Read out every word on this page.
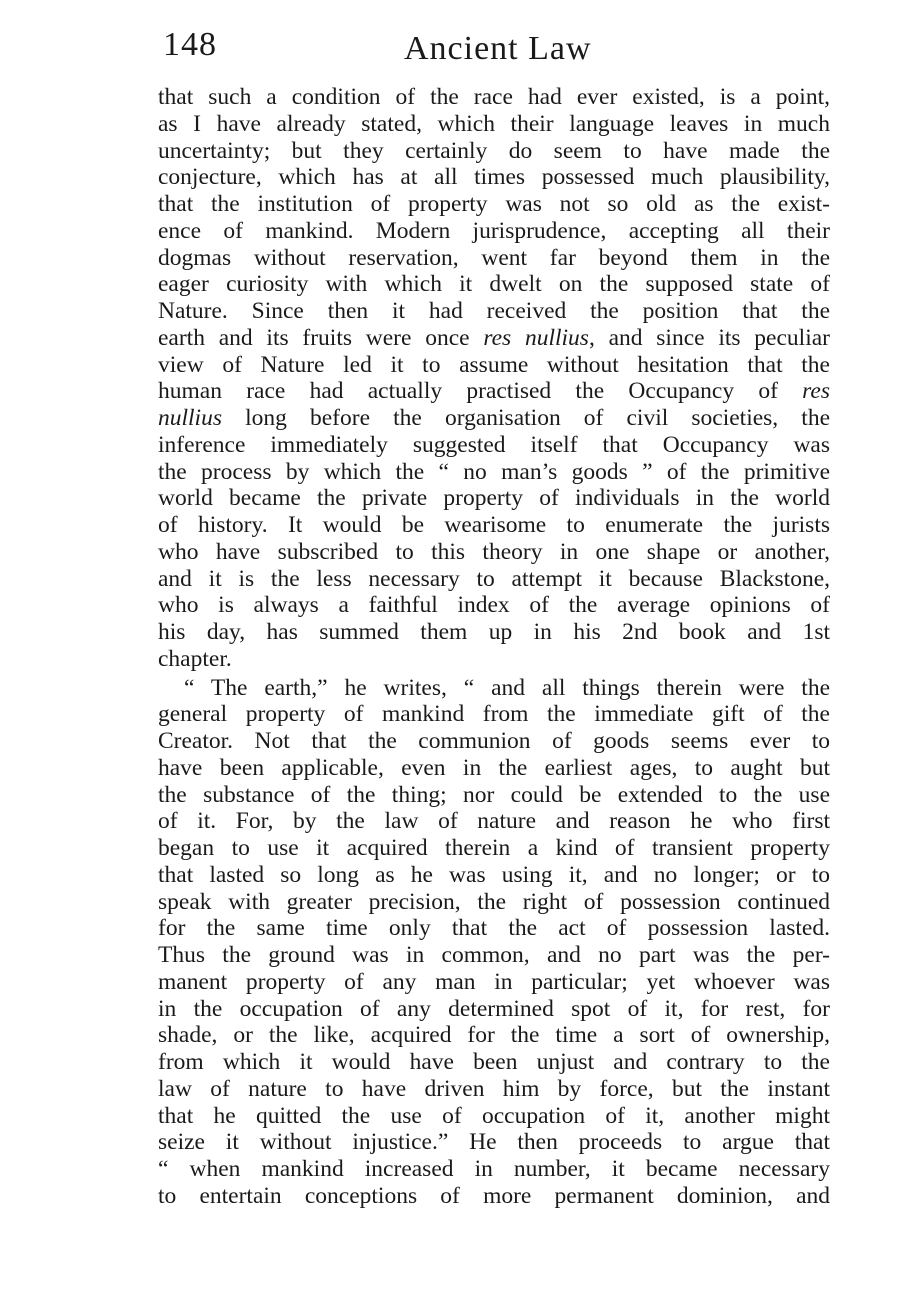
148	Ancient Law
that such a condition of the race had ever existed, is a point,
as I have already stated, which their language leaves in much
uncertainty; but they certainly do seem to have made the
conjecture, which has at all times possessed much plausibility,
that the institution of property was not so old as the exist-
ence of mankind. Modern jurisprudence, accepting all their
dogmas without reservation, went far beyond them in the
eager curiosity with which it dwelt on the supposed state of
Nature. Since then it had received the position that the
earth and its fruits were once res nullius, and since its peculiar
view of Nature led it to assume without hesitation that the
human race had actually practised the Occupancy of res
nullius long before the organisation of civil societies, the
inference immediately suggested itself that Occupancy was
the process by which the “ no man’s goods ” of the primitive
world became the private property of individuals in the world
of history. It would be wearisome to enumerate the jurists
who have subscribed to this theory in one shape or another,
and it is the less necessary to attempt it because Blackstone,
who is always a faithful index of the average opinions of
his day, has summed them up in his 2nd book and 1st
chapter.
“ The earth,” he writes, “ and all things therein were the
general property of mankind from the immediate gift of the
Creator. Not that the communion of goods seems ever to
have been applicable, even in the earliest ages, to aught but
the substance of the thing; nor could be extended to the use
of it. For, by the law of nature and reason he who first
began to use it acquired therein a kind of transient property
that lasted so long as he was using it, and no longer; or to
speak with greater precision, the right of possession continued
for the same time only that the act of possession lasted.
Thus the ground was in common, and no part was the per-
manent property of any man in particular; yet whoever was
in the occupation of any determined spot of it, for rest, for
shade, or the like, acquired for the time a sort of ownership,
from which it would have been unjust and contrary to the
law of nature to have driven him by force, but the instant
that he quitted the use of occupation of it, another might
seize it without injustice.” He then proceeds to argue that
“ when mankind increased in number, it became necessary
to entertain conceptions of more permanent dominion, and
